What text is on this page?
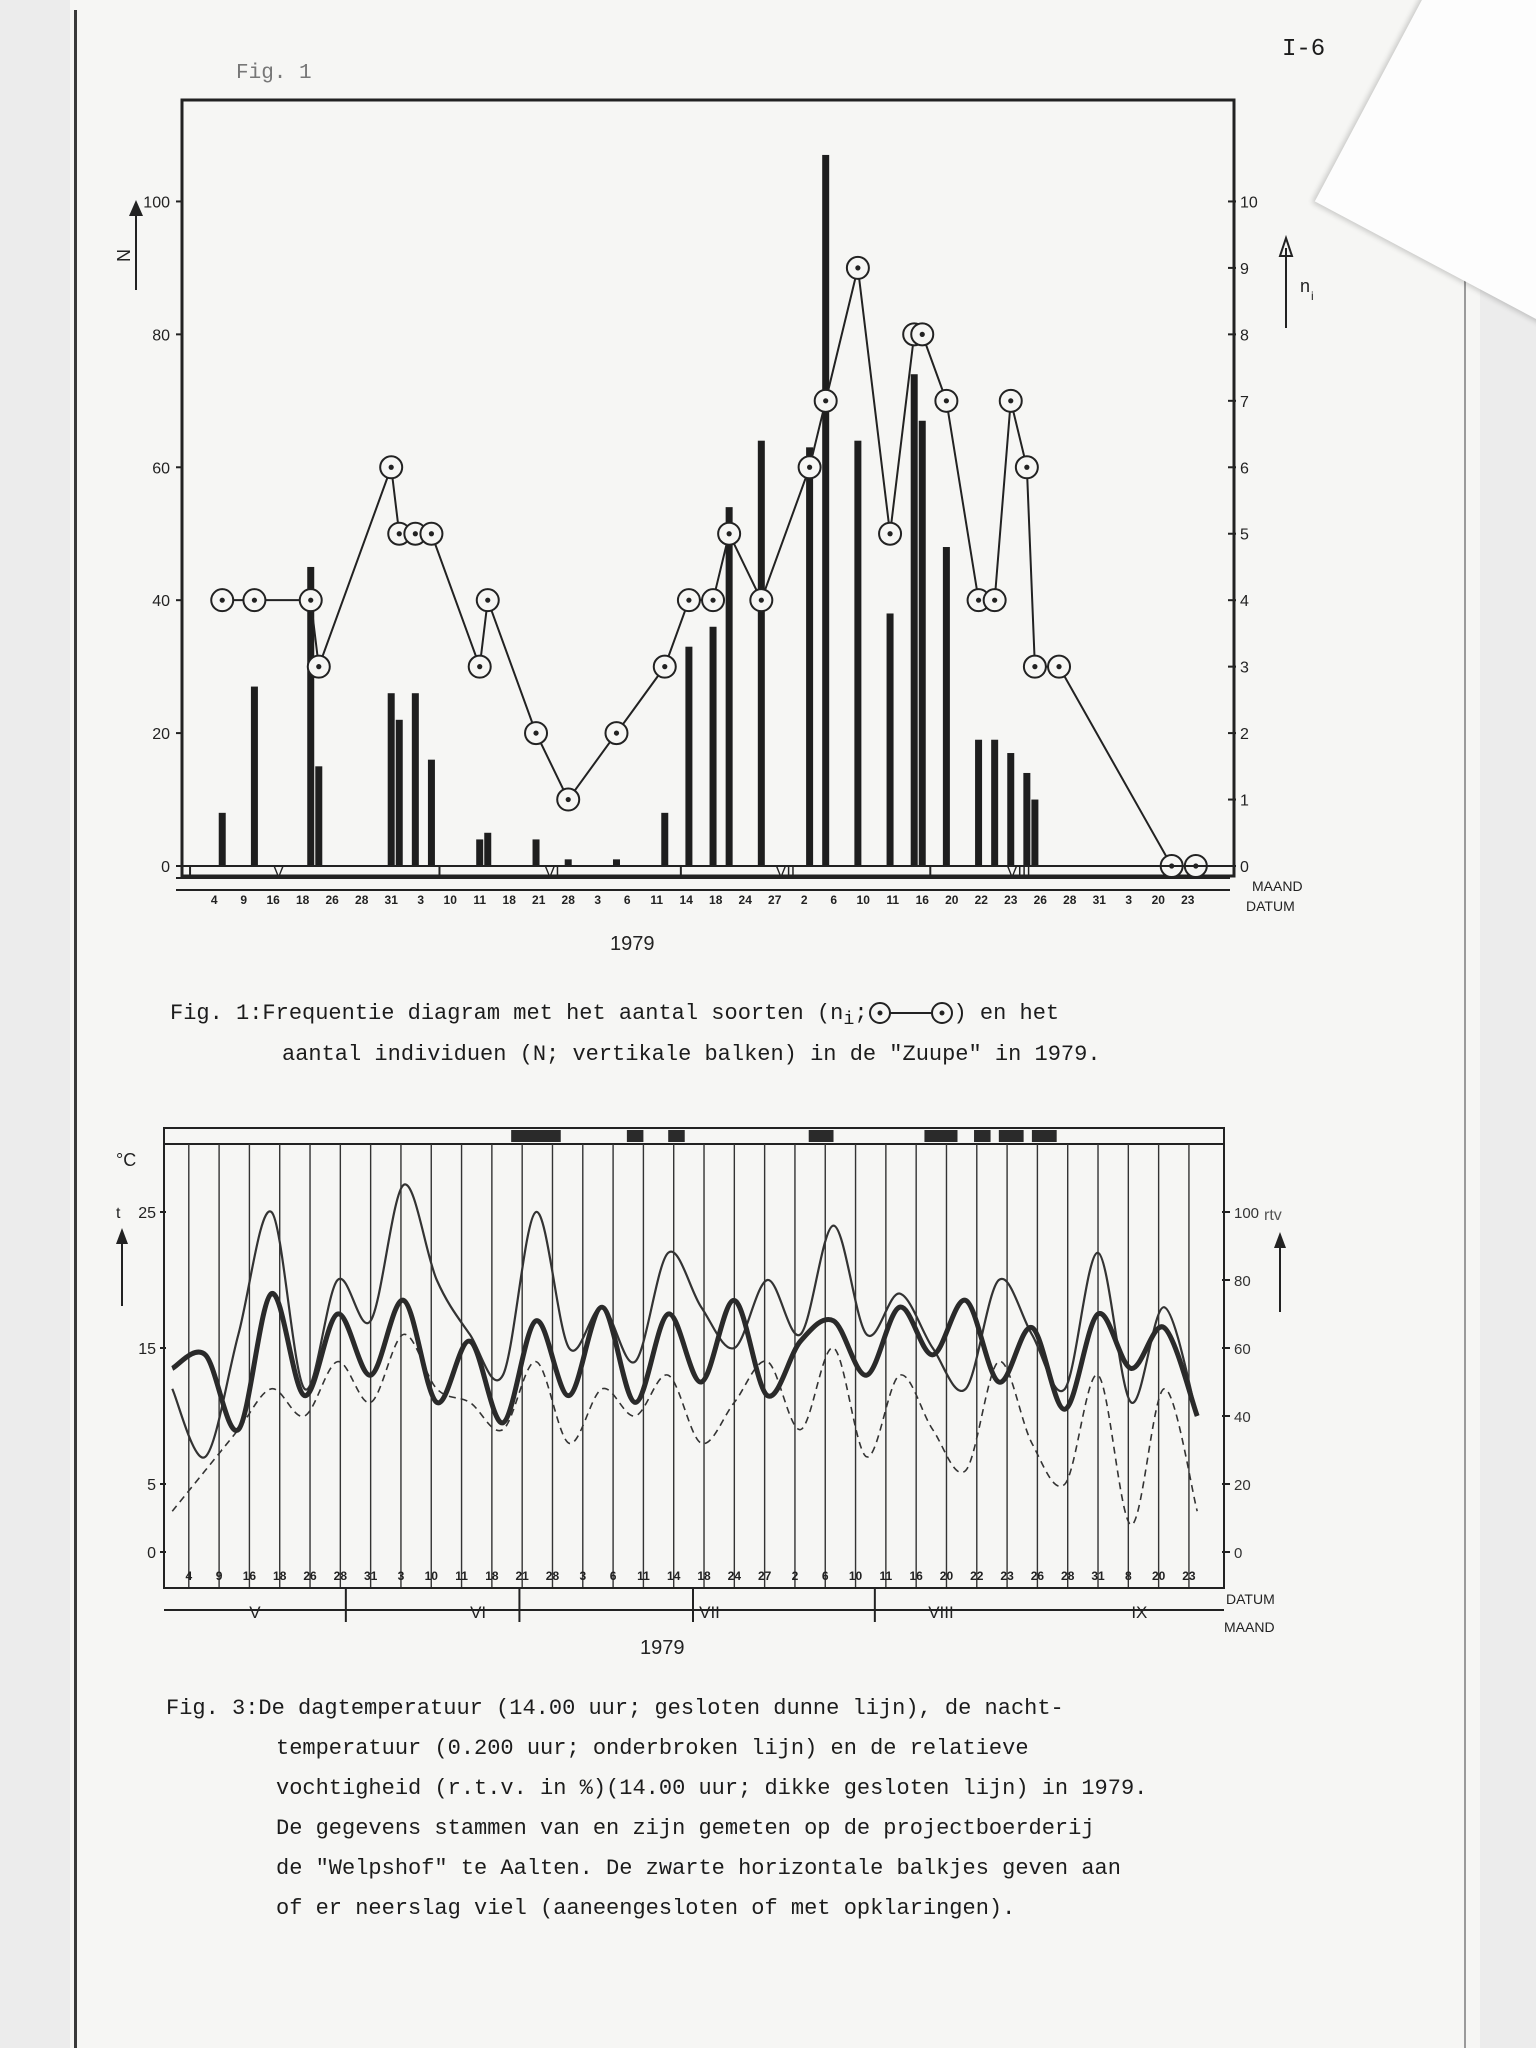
I-6
Fig. 1
0
20
40
60
80
100
0
1
2
3
4
5
6
7
8
9
10
V	VI	VII	VIII
4 9 16 18 26 28 31 3 10 11 18 21 28 3 6 11 14 18 24 27 2 6 10 11 16 20 22 23 26 28 31 3 20 23
1979
MAAND
DATUM
N
n i
Fig. 1:Frequentie diagram met het aantal soorten ($n_i$;	) en het
aantal individuen (N; vertikale balken) in de "Zuupe" in 1979.
0
5
15
25
0
20
40
60
80
100
4 9 16 18 26 28 31 3 10 11 18 21 28 3 6 11 14 18 24 27 2 6 10 11 16 20 22 23 26 28 31 8 20 23
V	VI	VII	VIII	IX
1979
DATUM
MAAND
°C
t	rtv
Fig. 3:De dagtemperatuur (14.00 uur; gesloten dunne lijn), de nacht-
temperatuur (0.200 uur; onderbroken lijn) en de relatieve
vochtigheid (r.t.v. in %)(14.00 uur; dikke gesloten lijn) in 1979.
De gegevens stammen van en zijn gemeten op de projectboerderij
de "Welpshof" te Aalten. De zwarte horizontale balkjes geven aan
of er neerslag viel (aaneengesloten of met opklaringen).
